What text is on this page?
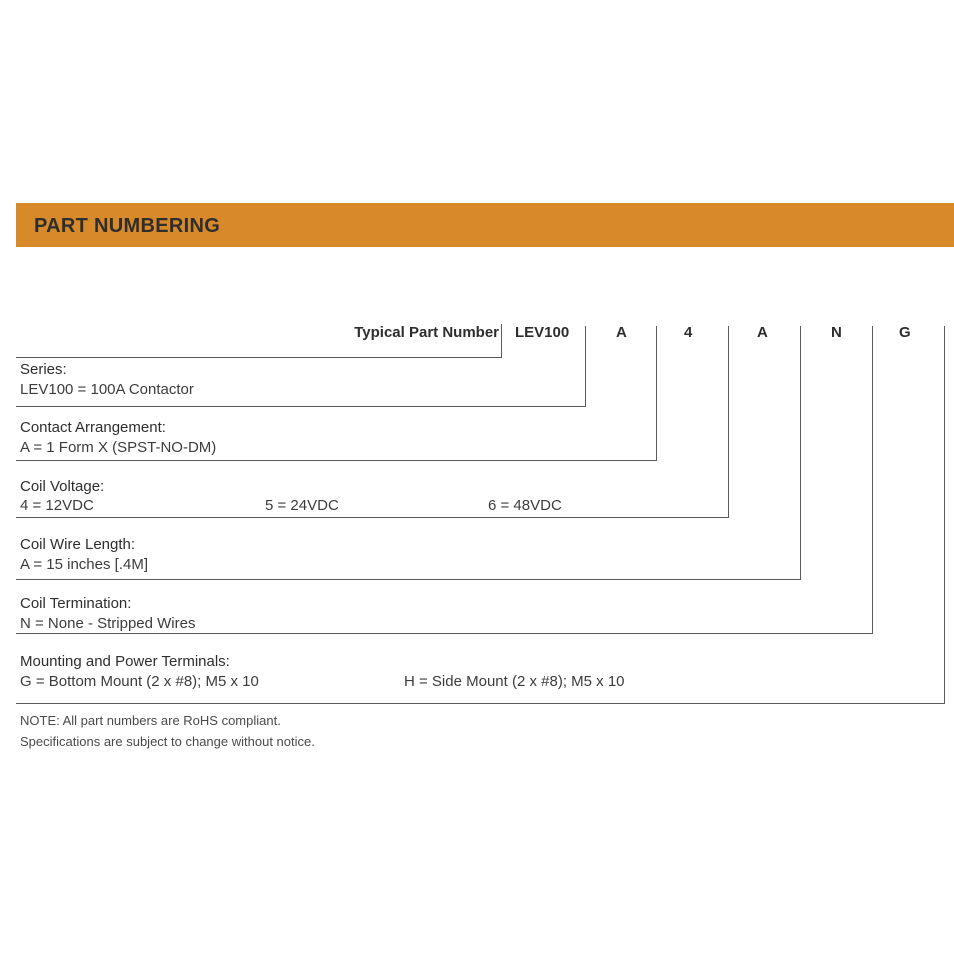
PART NUMBERING
Typical Part Number LEV100	A	4	A	N	G
Series:
LEV100 = 100A Contactor
Contact Arrangement:
A = 1 Form X (SPST-NO-DM)
Coil Voltage:
4 = 12VDC	5 = 24VDC	6 = 48VDC
Coil Wire Length:
A = 15 inches [.4M]
Coil Termination:
N = None - Stripped Wires
Mounting and Power Terminals:
G = Bottom Mount (2 x #8); M5 x 10	H = Side Mount (2 x #8); M5 x 10
NOTE: All part numbers are RoHS compliant.
Specifications are subject to change without notice.
